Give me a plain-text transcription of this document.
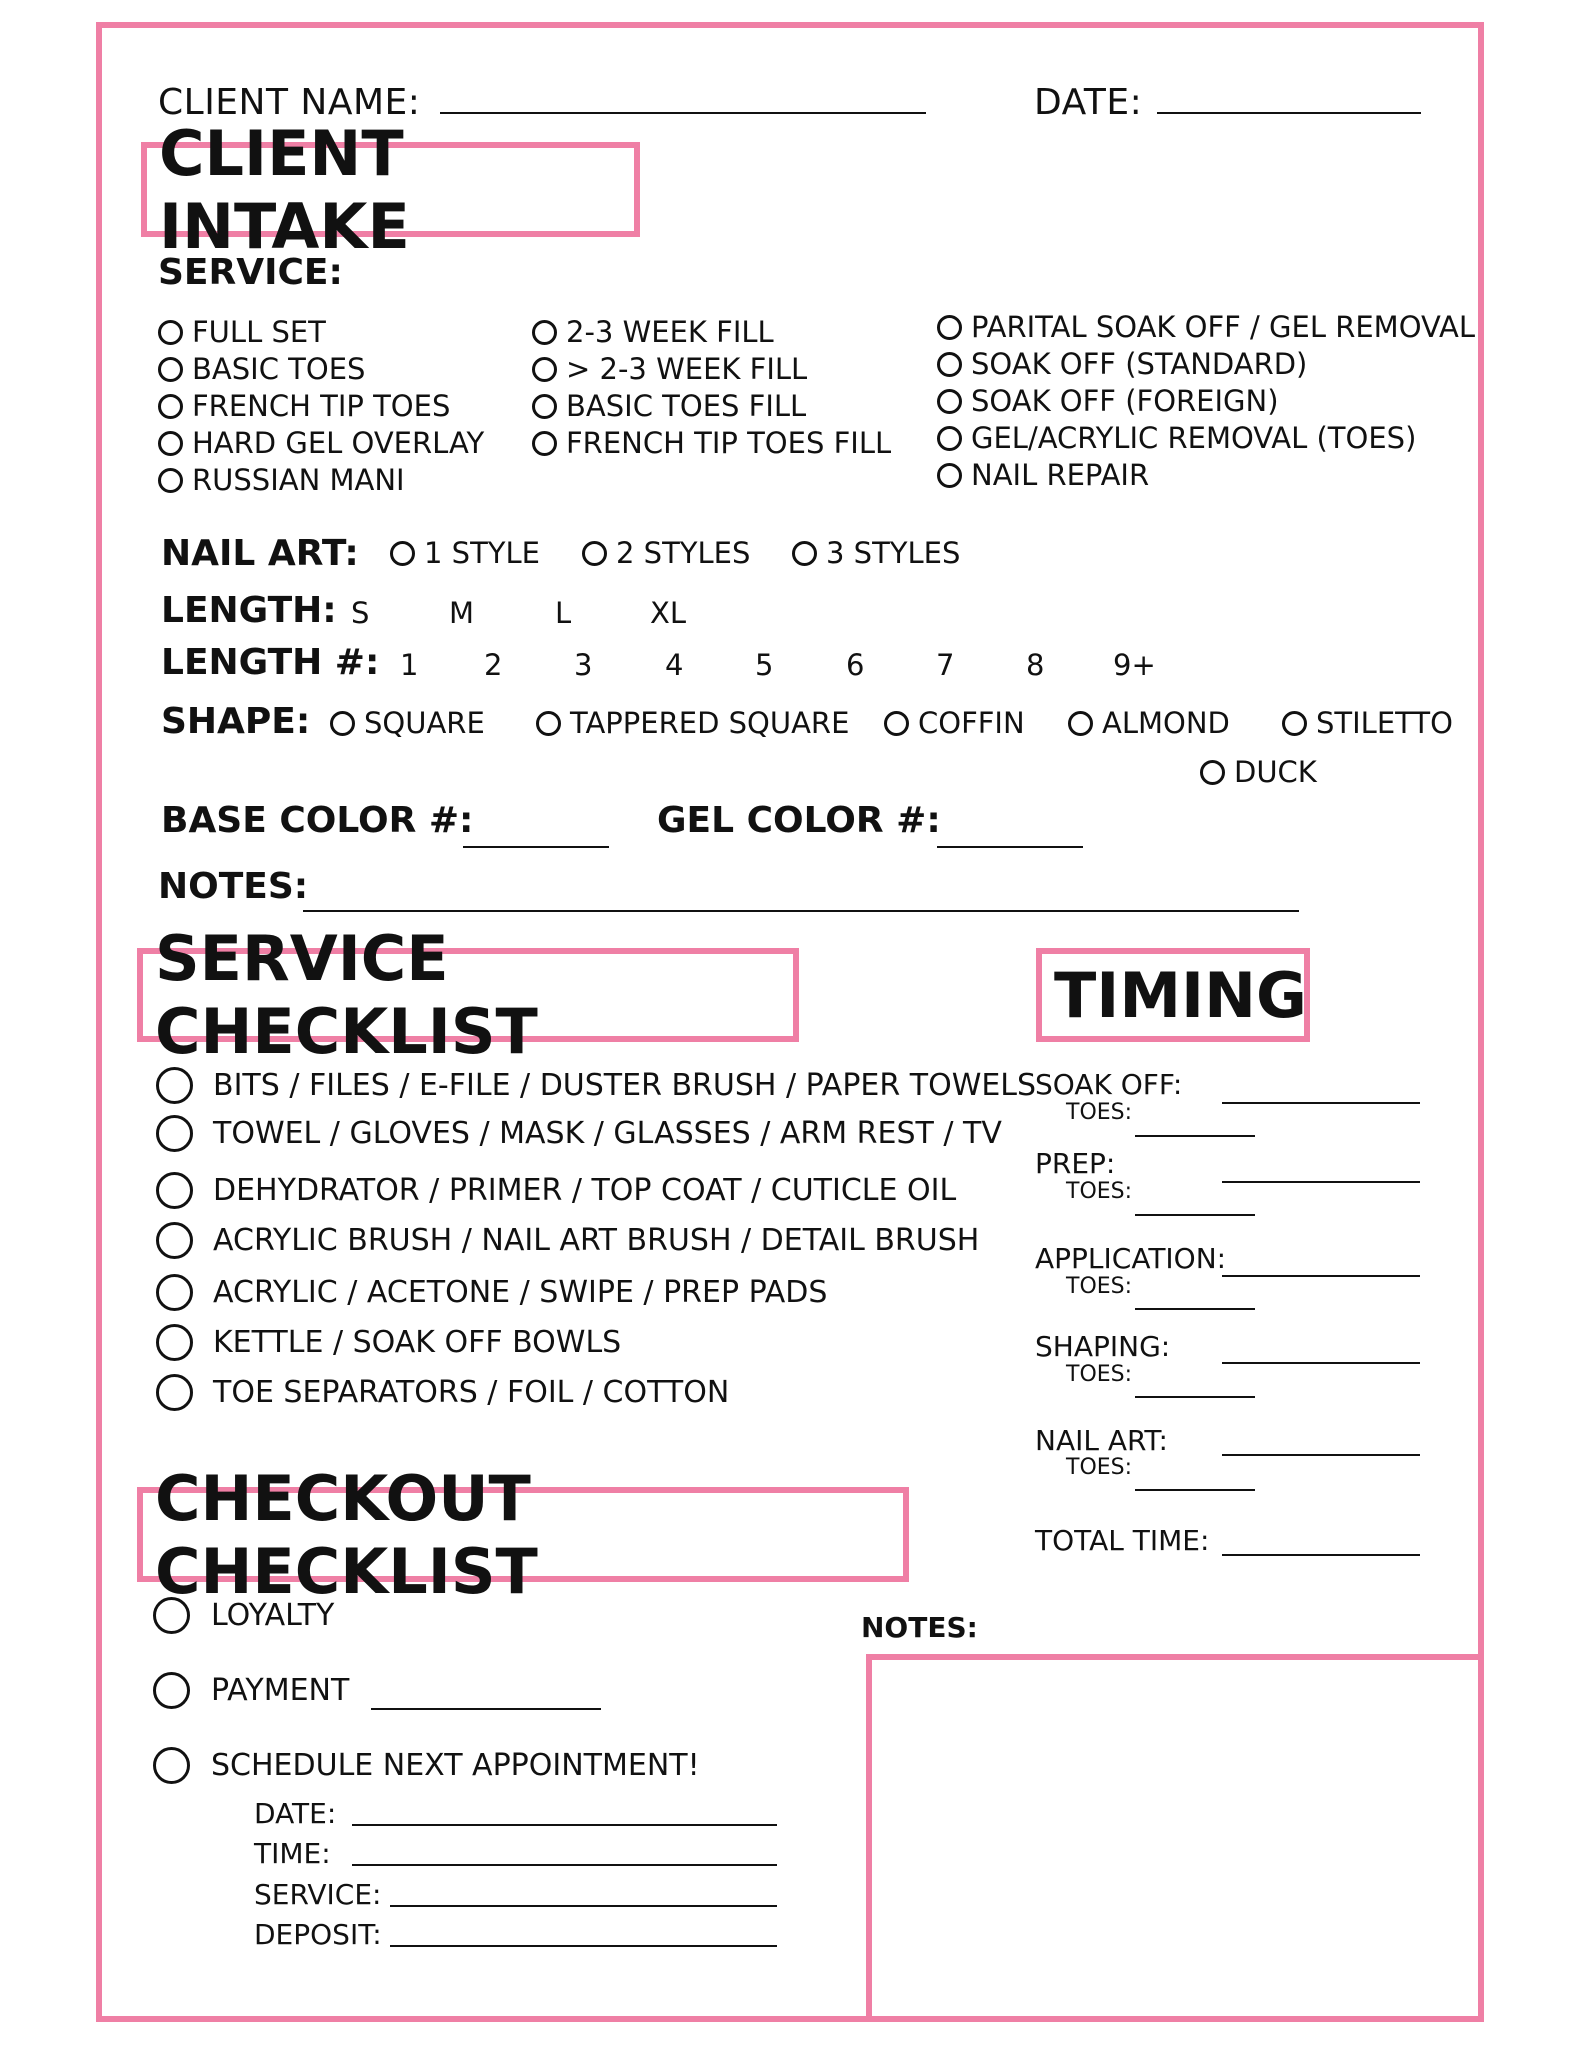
CLIENT NAME:	DATE:
CLIENT INTAKE
SERVICE:
FULL SET
BASIC TOES
FRENCH TIP TOES
HARD GEL OVERLAY
RUSSIAN MANI
2-3 WEEK FILL
> 2-3 WEEK FILL
BASIC TOES FILL
FRENCH TIP TOES FILL
PARITAL SOAK OFF / GEL REMOVAL
SOAK OFF (STANDARD)
SOAK OFF (FOREIGN)
GEL/ACRYLIC REMOVAL (TOES)
NAIL REPAIR
NAIL ART: 1 STYLE	2 STYLES	3 STYLES
LENGTH: S	M	L	XL
LENGTH #: 1 2 3	4 5	6 7 8 9+
SHAPE: SQUARE	TAPPERED SQUARE COFFIN	ALMOND	STILETTO
DUCK
BASE COLOR #:	GEL COLOR #:
NOTES:
SERVICE CHECKLIST
BITS / FILES / E-FILE / DUSTER BRUSH / PAPER TOWELS
TOWEL / GLOVES / MASK / GLASSES / ARM REST / TV
DEHYDRATOR / PRIMER / TOP COAT / CUTICLE OIL
ACRYLIC BRUSH / NAIL ART BRUSH / DETAIL BRUSH
ACRYLIC / ACETONE / SWIPE / PREP PADS
KETTLE / SOAK OFF BOWLS
TOE SEPARATORS / FOIL / COTTON
TIMING
SOAK OFF:
TOES:
PREP:
TOES:
APPLICATION:
TOES:
SHAPING:
TOES:
NAIL ART:
TOES:
TOTAL TIME:
CHECKOUT CHECKLIST
LOYALTY
PAYMENT
SCHEDULE NEXT APPOINTMENT!
DATE:
TIME:
SERVICE:
DEPOSIT:
NOTES:
